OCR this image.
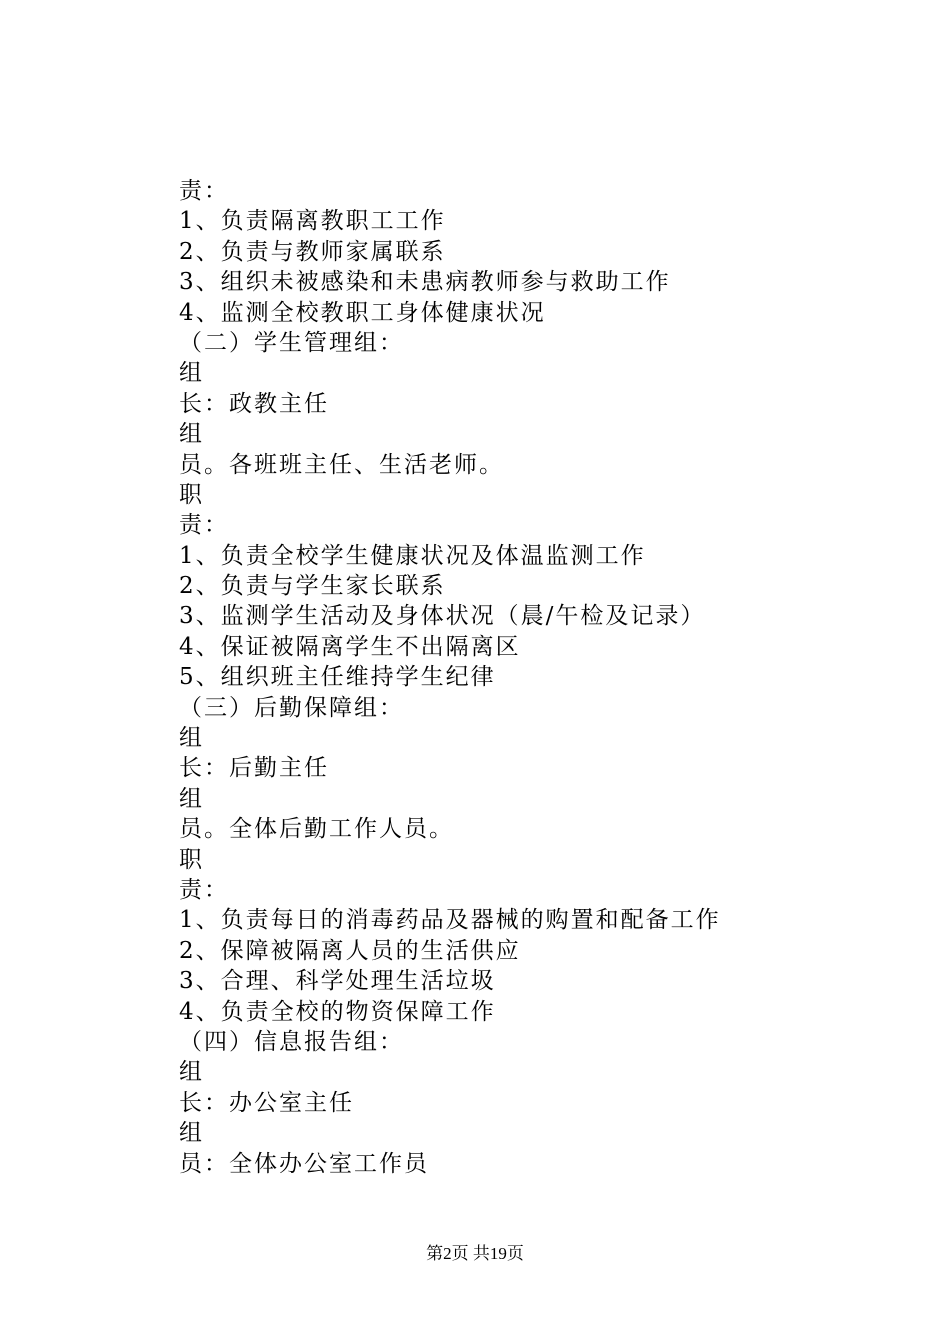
责：
1、负责隔离教职工工作
2、负责与教师家属联系
3、组织未被感染和未患病教师参与救助工作
4、监测全校教职工身体健康状况
（二）学生管理组：
组
长：政教主任
组
员。各班班主任、生活老师。
职
责：
1、负责全校学生健康状况及体温监测工作
2、负责与学生家长联系
3、监测学生活动及身体状况（晨/午检及记录）
4、保证被隔离学生不出隔离区
5、组织班主任维持学生纪律
（三）后勤保障组：
组
长：后勤主任
组
员。全体后勤工作人员。
职
责：
1、负责每日的消毒药品及器械的购置和配备工作
2、保障被隔离人员的生活供应
3、合理、科学处理生活垃圾
4、负责全校的物资保障工作
（四）信息报告组：
组
长：办公室主任
组
员：全体办公室工作员
第2页 共19页
